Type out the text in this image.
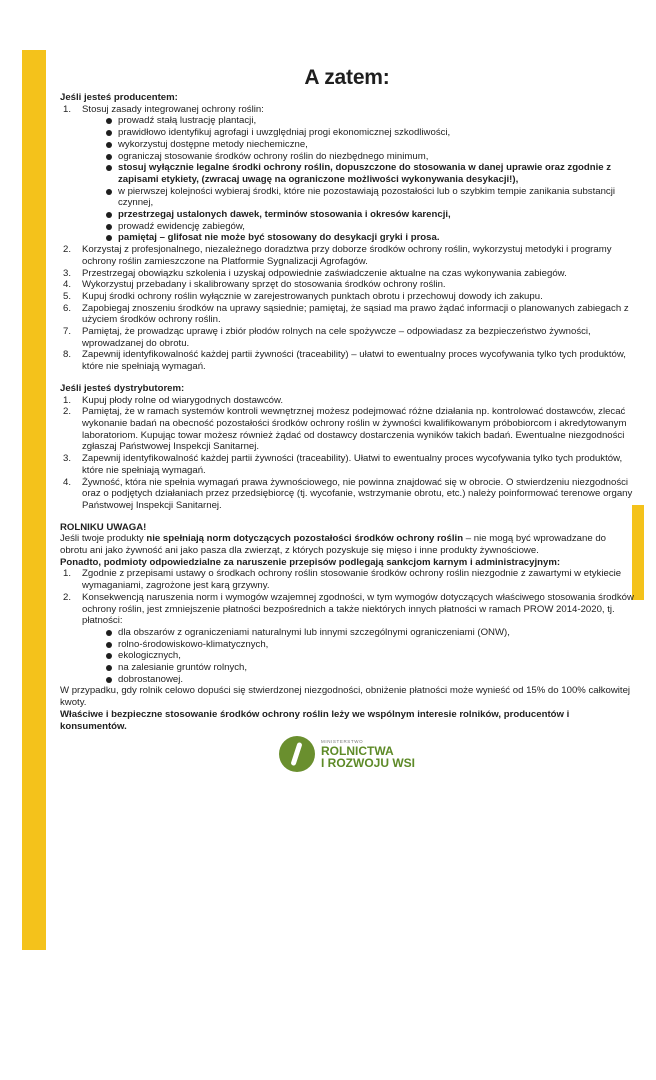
A zatem:

Jeśli jesteś producentem:

1. Stosuj zasady integrowanej ochrony roślin:
prowadź stałą lustrację plantacji,
prawidłowo identyfikuj agrofagi i uwzględniaj progi ekonomicznej szkodliwości,
wykorzystuj dostępne metody niechemiczne,
ograniczaj stosowanie środków ochrony roślin do niezbędnego minimum,
stosuj wyłącznie legalne środki ochrony roślin, dopuszczone do stosowania w danej uprawie oraz zgodnie z zapisami etykiety, (zwracaj uwagę na ograniczone możliwości wykonywania desykacji!),
w pierwszej kolejności wybieraj środki, które nie pozostawiają pozostałości lub o szybkim tempie zanikania substancji czynnej,
przestrzegaj ustalonych dawek, terminów stosowania i okresów karencji,
prowadź ewidencję zabiegów,
pamiętaj – glifosat nie może być stosowany do desykacji gryki i prosa.
2. Korzystaj z profesjonalnego, niezależnego doradztwa przy doborze środków ochrony roślin, wykorzystuj metodyki i programy ochrony roślin zamieszczone na Platformie Sygnalizacji Agrofagów.
3. Przestrzegaj obowiązku szkolenia i uzyskaj odpowiednie zaświadczenie aktualne na czas wykonywania zabiegów.
4. Wykorzystuj przebadany i skalibrowany sprzęt do stosowania środków ochrony roślin.
5. Kupuj środki ochrony roślin wyłącznie w zarejestrowanych punktach obrotu i przechowuj dowody ich zakupu.
6. Zapobiegaj znoszeniu środków na uprawy sąsiednie; pamiętaj, że sąsiad ma prawo żądać informacji o planowanych zabiegach z użyciem środków ochrony roślin.
7. Pamiętaj, że prowadząc uprawę i zbiór płodów rolnych na cele spożywcze – odpowiadasz za bezpieczeństwo żywności, wprowadzanej do obrotu.
8. Zapewnij identyfikowalność każdej partii żywności (traceability) – ułatwi to ewentualny proces wycofywania tylko tych produktów, które nie spełniają wymagań.

Jeśli jesteś dystrybutorem:

1. Kupuj płody rolne od wiarygodnych dostawców.
2. Pamiętaj, że w ramach systemów kontroli wewnętrznej możesz podejmować różne działania np. kontrolować dostawców, zlecać wykonanie badań na obecność pozostałości środków ochrony roślin w żywności kwalifikowanym próbobiorcom i akredytowanym laboratoriom. Kupując towar możesz również żądać od dostawcy dostarczenia wyników takich badań. Ewentualne niezgodności zgłaszaj Państwowej Inspekcji Sanitarnej.
3. Zapewnij identyfikowalność każdej partii żywności (traceability). Ułatwi to ewentualny proces wycofywania tylko tych produktów, które nie spełniają wymagań.
4. Żywność, która nie spełnia wymagań prawa żywnościowego, nie powinna znajdować się w obrocie. O stwierdzeniu niezgodności oraz o podjętych działaniach przez przedsiębiorcę (tj. wycofanie, wstrzymanie obrotu, etc.) należy poinformować terenowe organy Państwowej Inspekcji Sanitarnej.

ROLNIKU UWAGA!

Jeśli twoje produkty nie spełniają norm dotyczących pozostałości środków ochrony roślin – nie mogą być wprowadzane do obrotu ani jako żywność ani jako pasza dla zwierząt, z których pozyskuje się mięso i inne produkty żywnościowe.

Ponadto, podmioty odpowiedzialne za naruszenie przepisów podlegają sankcjom karnym i administracyjnym:

1. Zgodnie z przepisami ustawy o środkach ochrony roślin stosowanie środków ochrony roślin niezgodnie z zawartymi w etykiecie wymaganiami, zagrożone jest karą grzywny.
2. Konsekwencją naruszenia norm i wymogów wzajemnej zgodności, w tym wymogów dotyczących właściwego stosowania środków ochrony roślin, jest zmniejszenie płatności bezpośrednich a także niektórych innych płatności w ramach PROW 2014-2020, tj. płatności:
dla obszarów z ograniczeniami naturalnymi lub innymi szczególnymi ograniczeniami (ONW),
rolno-środowiskowo-klimatycznych,
ekologicznych,
na zalesianie gruntów rolnych,
dobrostanowej.

W przypadku, gdy rolnik celowo dopuści się stwierdzonej niezgodności, obniżenie płatności może wynieść od 15% do 100% całkowitej kwoty.

Właściwe i bezpieczne stosowanie środków ochrony roślin leży we wspólnym interesie rolników, producentów i konsumentów.

MINISTERSTWO
ROLNICTWA
I ROZWOJU WSI
